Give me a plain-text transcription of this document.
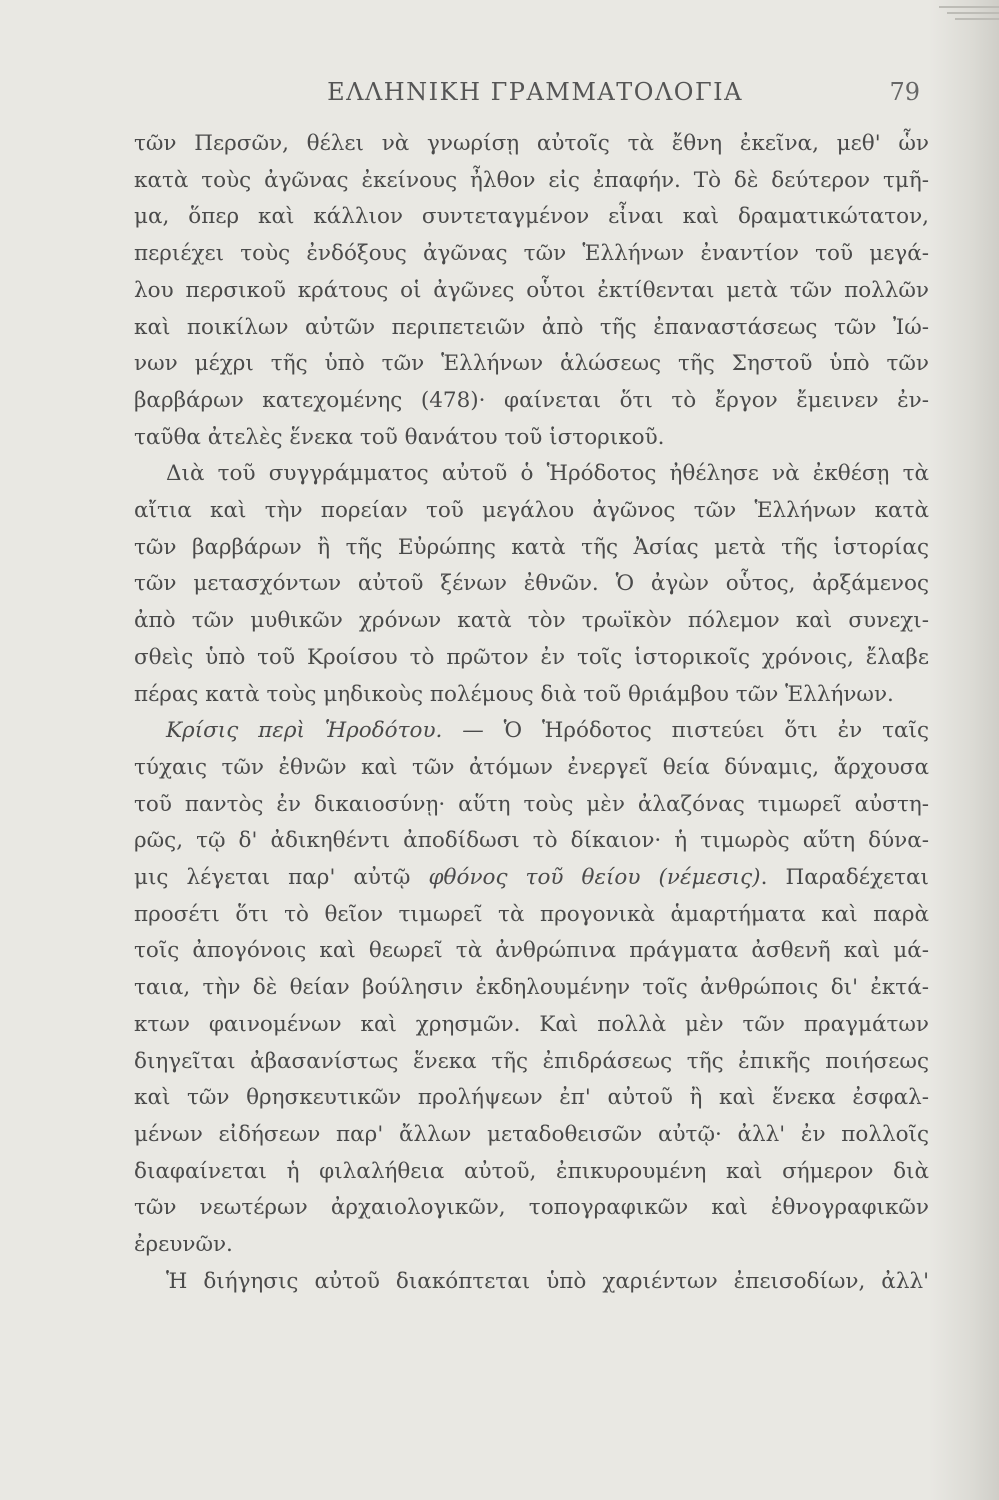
ΕΛΛΗΝΙΚΗ ΓΡΑΜΜΑΤΟΛΟΓΙΑ	79
τῶν Περσῶν, θέλει νὰ γνωρίσῃ αὐτοῖς τὰ ἔθνη ἐκεῖνα, μεθ' ὧν
κατὰ τοὺς ἀγῶνας ἐκείνους ἦλθον εἰς ἐπαφήν. Τὸ δὲ δεύτερον τμῆ-
μα, ὅπερ καὶ κάλλιον συντεταγμένον εἶναι καὶ δραματικώτατον,
περιέχει τοὺς ἐνδόξους ἀγῶνας τῶν Ἑλλήνων ἐναντίον τοῦ μεγά-
λου περσικοῦ κράτους οἱ ἀγῶνες οὗτοι ἐκτίθενται μετὰ τῶν πολλῶν
καὶ ποικίλων αὐτῶν περιπετειῶν ἀπὸ τῆς ἐπαναστάσεως τῶν Ἰώ-
νων μέχρι τῆς ὑπὸ τῶν Ἑλλήνων ἁλώσεως τῆς Σηστοῦ ὑπὸ τῶν
βαρβάρων κατεχομένης (478)· φαίνεται ὅτι τὸ ἔργον ἔμεινεν ἐν-
ταῦθα ἀτελὲς ἕνεκα τοῦ θανάτου τοῦ ἱστορικοῦ.
Διὰ τοῦ συγγράμματος αὐτοῦ ὁ Ἡρόδοτος ἠθέλησε νὰ ἐκθέσῃ τὰ
αἴτια καὶ τὴν πορείαν τοῦ μεγάλου ἀγῶνος τῶν Ἑλλήνων κατὰ
τῶν βαρβάρων ἢ τῆς Εὐρώπης κατὰ τῆς Ἀσίας μετὰ τῆς ἱστορίας
τῶν μετασχόντων αὐτοῦ ξένων ἐθνῶν. Ὁ ἀγὼν οὗτος, ἀρξάμενος
ἀπὸ τῶν μυθικῶν χρόνων κατὰ τὸν τρωϊκὸν πόλεμον καὶ συνεχι-
σθεὶς ὑπὸ τοῦ Κροίσου τὸ πρῶτον ἐν τοῖς ἱστορικοῖς χρόνοις, ἔλαβε
πέρας κατὰ τοὺς μηδικοὺς πολέμους διὰ τοῦ θριάμβου τῶν Ἑλλήνων.
Κρίσις περὶ Ἡροδότου. — Ὁ Ἡρόδοτος πιστεύει ὅτι ἐν ταῖς
τύχαις τῶν ἐθνῶν καὶ τῶν ἀτόμων ἐνεργεῖ θεία δύναμις, ἄρχουσα
τοῦ παντὸς ἐν δικαιοσύνῃ· αὕτη τοὺς μὲν ἀλαζόνας τιμωρεῖ αὐστη-
ρῶς, τῷ δ' ἀδικηθέντι ἀποδίδωσι τὸ δίκαιον· ἡ τιμωρὸς αὕτη δύνα-
μις λέγεται παρ' αὐτῷ φθόνος τοῦ θείου (νέμεσις). Παραδέχεται
προσέτι ὅτι τὸ θεῖον τιμωρεῖ τὰ προγονικὰ ἁμαρτήματα καὶ παρὰ
τοῖς ἀπογόνοις καὶ θεωρεῖ τὰ ἀνθρώπινα πράγματα ἀσθενῆ καὶ μά-
ταια, τὴν δὲ θείαν βούλησιν ἐκδηλουμένην τοῖς ἀνθρώποις δι' ἐκτά-
κτων φαινομένων καὶ χρησμῶν. Καὶ πολλὰ μὲν τῶν πραγμάτων
διηγεῖται ἀβασανίστως ἕνεκα τῆς ἐπιδράσεως τῆς ἐπικῆς ποιήσεως
καὶ τῶν θρησκευτικῶν προλήψεων ἐπ' αὐτοῦ ἢ καὶ ἕνεκα ἐσφαλ-
μένων εἰδήσεων παρ' ἄλλων μεταδοθεισῶν αὐτῷ· ἀλλ' ἐν πολλοῖς
διαφαίνεται ἡ φιλαλήθεια αὐτοῦ, ἐπικυρουμένη καὶ σήμερον διὰ
τῶν νεωτέρων ἀρχαιολογικῶν, τοπογραφικῶν καὶ ἐθνογραφικῶν
ἐρευνῶν.
Ἡ διήγησις αὐτοῦ διακόπτεται ὑπὸ χαριέντων ἐπεισοδίων, ἀλλ'
